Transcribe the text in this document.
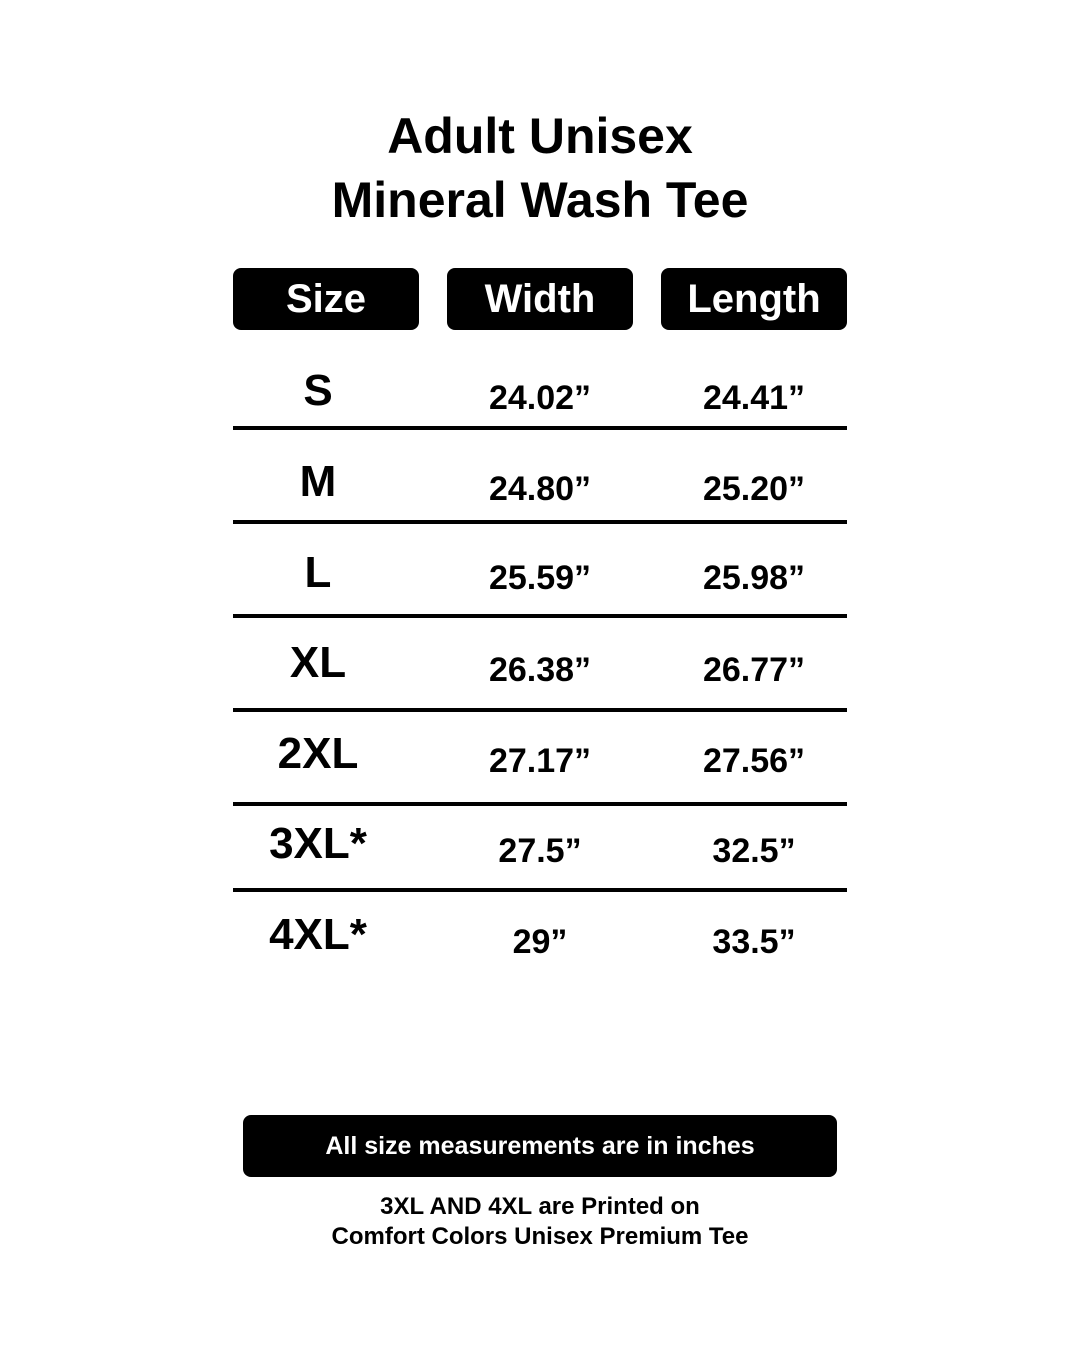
Adult Unisex
Mineral Wash Tee
Size	Width	Length
S	24.02”	24.41”
M	24.80”	25.20”
L	25.59”	25.98”
XL	26.38”	26.77”
2XL	27.17”	27.56”
3XL*	27.5”	32.5”
4XL*	29”	33.5”
All size measurements are in inches
3XL AND 4XL are Printed on
Comfort Colors Unisex Premium Tee
